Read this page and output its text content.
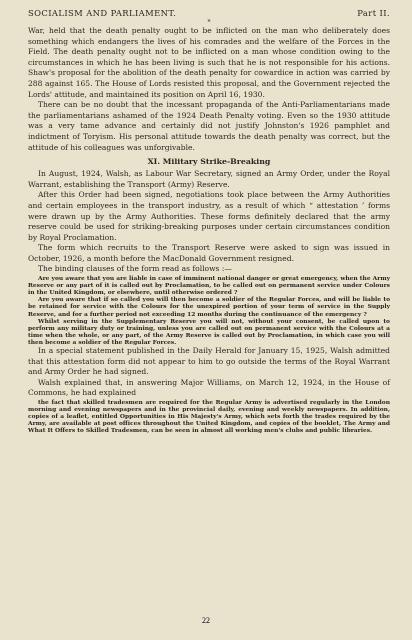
SOCIALISM AND PARLIAMENT.	Part II.
*

War, held that the death penalty ought to be inflicted on the man who deliberately does something which endangers the lives of his comrades and the welfare of the Forces in the Field. The death penalty ought not to be inflicted on a man whose condition owing to the circumstances in which he has been living is such that he is not responsible for his actions. Shaw's proposal for the abolition of the death penalty for cowardice in action was carried by 288 against 165. The House of Lords resisted this proposal, and the Government rejected the Lords' attitude, and maintained its position on April 16, 1930.

There can be no doubt that the incessant propaganda of the Anti-Parliamentarians made the parliamentarians ashamed of the 1924 Death Penalty voting. Even so the 1930 attitude was a very tame advance and certainly did not justify Johnston's 1926 pamphlet and indictment of Toryism. His personal attitude towards the death penalty was correct, but the attitude of his colleagues was unforgivable.

XI. Military Strike-Breaking

In August, 1924, Walsh, as Labour War Secretary, signed an Army Order, under the Royal Warrant, establishing the Transport (Army) Reserve.

After this Order had been signed, negotiations took place between the Army Authorities and certain employees in the transport industry, as a result of which “ attestation ’ forms were drawn up by the Army Authorities. These forms definitely declared that the army reserve could be used for striking-breaking purposes under certain circumstances condition by Royal Proclamation.

The form which recruits to the Transport Reserve were asked to sign was issued in October, 1926, a month before the MacDonald Government resigned.

The binding clauses of the form read as follows :—

Are you aware that you are liable in case of imminent national danger or great emergency, when the Army Reserve or any part of it is called out by Proclamation, to be called out on permanent service under Colours in the United Kingdom, or elsewhere, until otherwise ordered ?

Are you aware that if so called you will then become a soldier of the Regular Forces, and will be liable to be retained for service with the Colours for the unexpired portion of your term of service in the Supply Reserve, and for a further period not exceeding 12 months during the continuance of the emergency ?

Whilst serving in the Supplementary Reserve you will not, without your consent, be called upon to perform any military duty or training, unless you are called out on permanent service with the Colours at a time when the whole, or any part, of the Army Reserve is called out by Proclamation, in which case you will then become a soldier of the Regular Forces.

In a special statement published in the Daily Herald for January 15, 1925, Walsh admitted that this attestation form did not appear to him to go outside the terms of the Royal Warrant and Army Order he had signed.

Walsh explained that, in answering Major Williams, on March 12, 1924, in the House of Commons, he had explained

the fact that skilled tradesmen are required for the Regular Army is advertised regularly in the London morning and evening newspapers and in the provincial daily, evening and weekly newspapers. In addition, copies of a leaflet, entitled Opportunities in His Majesty's Army, which sets forth the trades required by the Army, are available at post offices throughout the United Kingdom, and copies of the booklet, The Army and What It Offers to Skilled Tradesmen, can be seen in almost all working men's clubs and public libraries.

22
